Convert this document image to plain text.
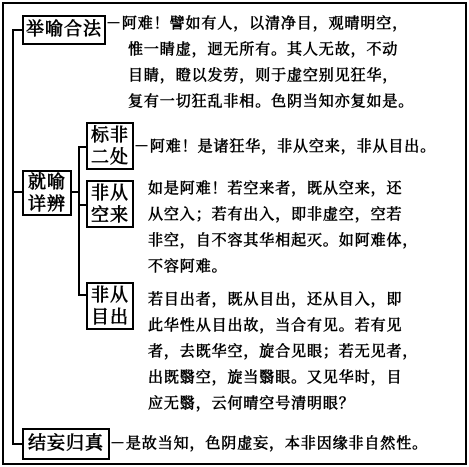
举喻合法 －阿难！譬如有人，以清净目，观晴明空，
惟一睛虚，迥无所有。其人无故，不动
目睛，瞪以发劳，则于虚空别见狂华，
复有一切狂乱非相。色阴当知亦复如是。
就喻
详辨
标非
二处
－阿难！是诸狂华，非从空来，非从目出。
非从
空来
如是阿难！若空来者，既从空来，还
从空入；若有出入，即非虚空，空若
非空，自不容其华相起灭。如阿难体，
不容阿难。
非从
目出
若目出者，既从目出，还从目入，即
此华性从目出故，当合有见。若有见
者，去既华空，旋合见眼；若无见者，
出既翳空，旋当翳眼。又见华时，目
应无翳，云何晴空号清明眼？
结妄归真 －是故当知，色阴虚妄，本非因缘非自然性。
